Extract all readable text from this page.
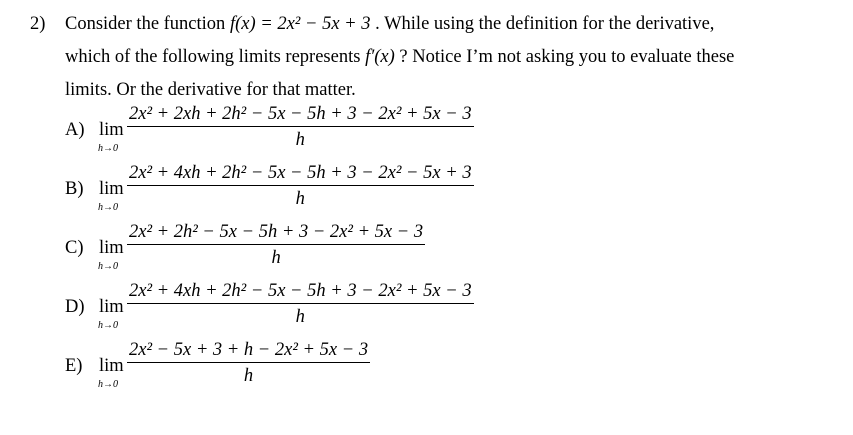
2) Consider the function f(x) = 2x² − 5x + 3 . While using the definition for the derivative,
which of the following limits represents f′(x) ? Notice I’m not asking you to evaluate these
limits. Or the derivative for that matter.
A) lim
h→0
2x² + 2xh + 2h² − 5x − 5h + 3 − 2x² + 5x − 3
h
B) lim
h→0
2x² + 4xh + 2h² − 5x − 5h + 3 − 2x² − 5x + 3
h
C) lim
h→0
2x² + 2h² − 5x − 5h + 3 − 2x² + 5x − 3
h
D) lim
h→0
2x² + 4xh + 2h² − 5x − 5h + 3 − 2x² + 5x − 3
h
E) lim
h→0
2x² − 5x + 3 + h − 2x² + 5x − 3
h
